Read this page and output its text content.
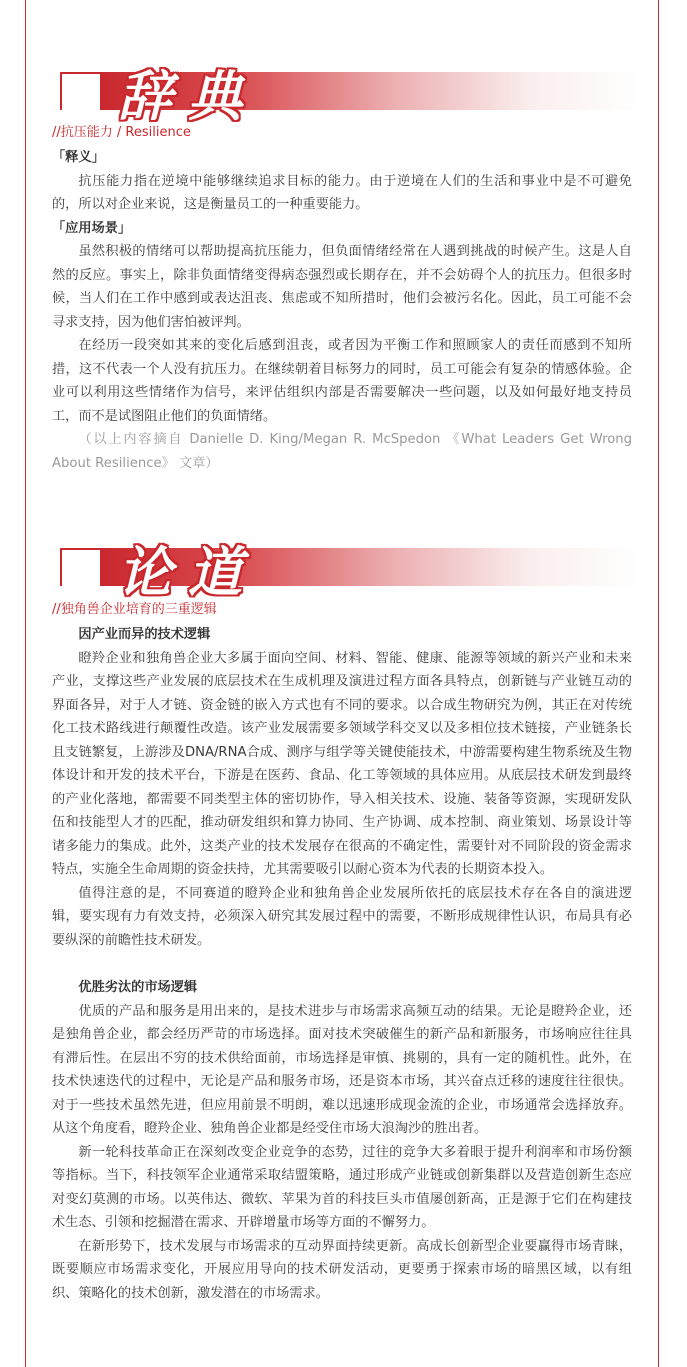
辞典
//抗压能力 / Resilience

「释义」

抗压能力指在逆境中能够继续追求目标的能力。由于逆境在人们的生活和事业中是不可避免的，所以对企业来说，这是衡量员工的一种重要能力。

「应用场景」

虽然积极的情绪可以帮助提高抗压能力，但负面情绪经常在人遇到挑战的时候产生。这是人自然的反应。事实上，除非负面情绪变得病态强烈或长期存在，并不会妨碍个人的抗压力。但很多时候，当人们在工作中感到或表达沮丧、焦虑或不知所措时，他们会被污名化。因此，员工可能不会寻求支持，因为他们害怕被评判。

在经历一段突如其来的变化后感到沮丧，或者因为平衡工作和照顾家人的责任而感到不知所措，这不代表一个人没有抗压力。在继续朝着目标努力的同时，员工可能会有复杂的情感体验。企业可以利用这些情绪作为信号，来评估组织内部是否需要解决一些问题，以及如何最好地支持员工，而不是试图阻止他们的负面情绪。

（以上内容摘自 Danielle D. King/Megan R. McSpedon 《What Leaders Get Wrong About Resilience》 文章）

论道
//独角兽企业培育的三重逻辑

因产业而异的技术逻辑

瞪羚企业和独角兽企业大多属于面向空间、材料、智能、健康、能源等领域的新兴产业和未来产业，支撑这些产业发展的底层技术在生成机理及演进过程方面各具特点，创新链与产业链互动的界面各异，对于人才链、资金链的嵌入方式也有不同的要求。以合成生物研究为例，其正在对传统化工技术路线进行颠覆性改造。该产业发展需要多领域学科交叉以及多相位技术链接，产业链条长且支链繁复，上游涉及DNA/RNA合成、测序与组学等关键使能技术，中游需要构建生物系统及生物体设计和开发的技术平台，下游是在医药、食品、化工等领域的具体应用。从底层技术研发到最终的产业化落地，都需要不同类型主体的密切协作，导入相关技术、设施、装备等资源，实现研发队伍和技能型人才的匹配，推动研发组织和算力协同、生产协调、成本控制、商业策划、场景设计等诸多能力的集成。此外，这类产业的技术发展存在很高的不确定性，需要针对不同阶段的资金需求特点，实施全生命周期的资金扶持，尤其需要吸引以耐心资本为代表的长期资本投入。

值得注意的是，不同赛道的瞪羚企业和独角兽企业发展所依托的底层技术存在各自的演进逻辑，要实现有力有效支持，必须深入研究其发展过程中的需要，不断形成规律性认识，布局具有必要纵深的前瞻性技术研发。

优胜劣汰的市场逻辑

优质的产品和服务是用出来的，是技术进步与市场需求高频互动的结果。无论是瞪羚企业，还是独角兽企业，都会经历严苛的市场选择。面对技术突破催生的新产品和新服务，市场响应往往具有滞后性。在层出不穷的技术供给面前，市场选择是审慎、挑剔的，具有一定的随机性。此外，在技术快速迭代的过程中，无论是产品和服务市场，还是资本市场，其兴奋点迁移的速度往往很快。对于一些技术虽然先进，但应用前景不明朗，难以迅速形成现金流的企业，市场通常会选择放弃。从这个角度看，瞪羚企业、独角兽企业都是经受住市场大浪淘沙的胜出者。

新一轮科技革命正在深刻改变企业竞争的态势，过往的竞争大多着眼于提升利润率和市场份额等指标。当下，科技领军企业通常采取结盟策略，通过形成产业链或创新集群以及营造创新生态应对变幻莫测的市场。以英伟达、微软、苹果为首的科技巨头市值屡创新高，正是源于它们在构建技术生态、引领和挖掘潜在需求、开辟增量市场等方面的不懈努力。

在新形势下，技术发展与市场需求的互动界面持续更新。高成长创新型企业要赢得市场青睐，既要顺应市场需求变化，开展应用导向的技术研发活动，更要勇于探索市场的暗黑区域，以有组织、策略化的技术创新，激发潜在的市场需求。
